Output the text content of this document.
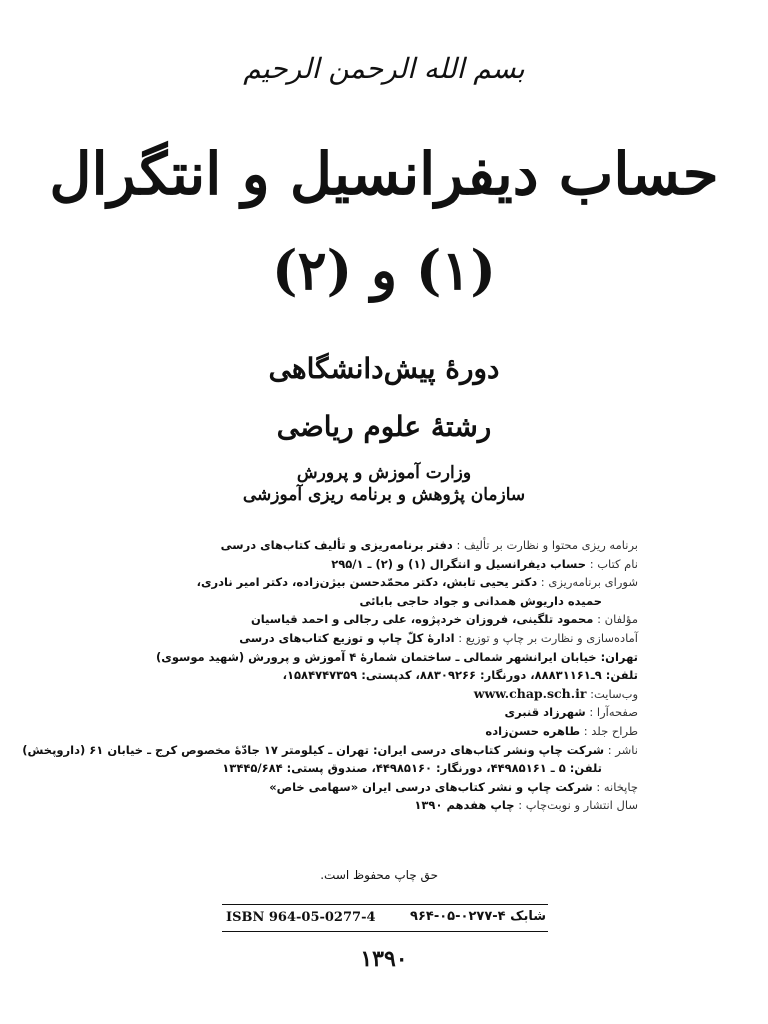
بسم الله الرحمن الرحیم
حساب دیفرانسیل و انتگرال
(۱) و (۲)
دورهٔ پیش‌دانشگاهی
رشتهٔ علوم ریاضی
وزارت آموزش و پرورش
سازمان پژوهش و برنامه ریزی آموزشی
برنامه ریزی محتوا و نظارت بر تألیف : دفتر برنامه‌ریزی و تألیف کتاب‌های درسی
نام کتاب : حساب دیفرانسیل و انتگرال (۱) و (۲) ـ ۲۹۵/۱
شورای برنامه‌ریزی : دکتر یحیی تابش، دکتر محمّدحسن بیژن‌زاده، دکتر امیر نادری،
حمیده داریوش همدانی و جواد حاجی بابائی
مؤلفان : محمود تلگینی، فروزان خردپژوه، علی رجالی و احمد قیاسیان
آماده‌سازی و نظارت بر چاپ و توزیع : ادارهٔ کلّ چاپ و توزیع کتاب‌های درسی
تهران: خیابان ایرانشهر شمالی ـ ساختمان شمارهٔ ۴ آموزش و پرورش (شهید موسوی)
تلفن: ۹ـ۸۸۸۳۱۱۶۱، دورنگار: ۸۸۳۰۹۲۶۶، کدپستی: ۱۵۸۴۷۴۷۳۵۹،
وب‌سایت: www.chap.sch.ir
صفحه‌آرا : شهرزاد قنبری
طراح جلد : طاهره حسن‌زاده
ناشر : شرکت چاپ ونشر کتاب‌های درسی ایران: تهران ـ کیلومتر ۱۷ جادّهٔ مخصوص کرج ـ خیابان ۶۱ (داروپخش)
تلفن: ۵ ـ ۴۴۹۸۵۱۶۱، دورنگار: ۴۴۹۸۵۱۶۰، صندوق پستی: ۱۳۴۴۵/۶۸۴
چاپخانه : شرکت چاپ و نشر کتاب‌های درسی ایران «سهامی خاص»
سال انتشار و نوبت‌چاپ : چاپ هفدهم ۱۳۹۰
حق چاپ محفوظ است.
ISBN 964-05-0277-4	شابک ۴-۰۲۷۷-۰۵-۹۶۴
۱۳۹۰
